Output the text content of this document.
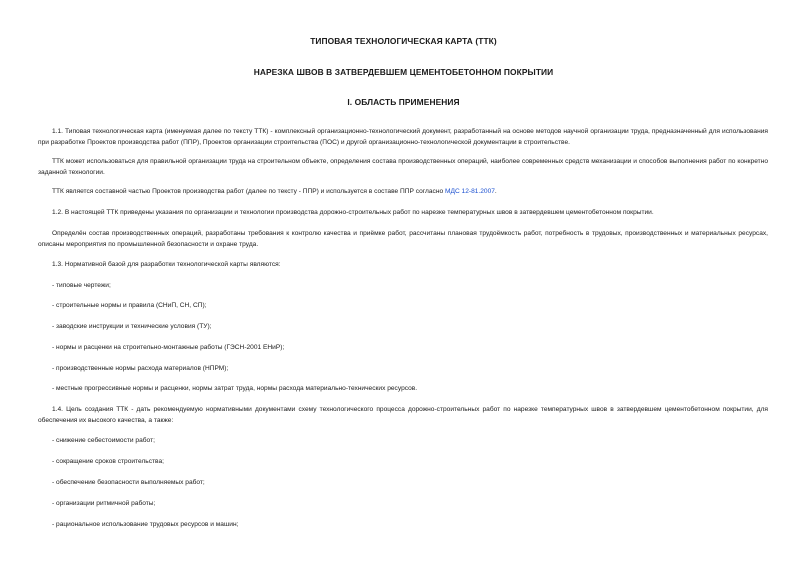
ТИПОВАЯ ТЕХНОЛОГИЧЕСКАЯ КАРТА (ТТК)
НАРЕЗКА ШВОВ В ЗАТВЕРДЕВШЕМ ЦЕМЕНТОБЕТОННОМ ПОКРЫТИИ
I. ОБЛАСТЬ ПРИМЕНЕНИЯ

1.1. Типовая технологическая карта (именуемая далее по тексту ТТК) - комплексный организационно-технологический документ, разработанный на основе методов научной организации труда, предназначенный для использования при разработке Проектов производства работ (ППР), Проектов организации строительства (ПОС) и другой организационно-технологической документации в строительстве.

ТТК может использоваться для правильной организации труда на строительном объекте, определения состава производственных операций, наиболее современных средств механизации и способов выполнения работ по конкретно заданной технологии.

ТТК является составной частью Проектов производства работ (далее по тексту - ППР) и используется в составе ППР согласно МДС 12-81.2007.

1.2. В настоящей ТТК приведены указания по организации и технологии производства дорожно-строительных работ по нарезке температурных швов в затвердевшем цементобетонном покрытии.

Определён состав производственных операций, разработаны требования к контролю качества и приёмке работ, рассчитаны плановая трудоёмкость работ, потребность в трудовых, производственных и материальных ресурсах, описаны мероприятия по промышленной безопасности и охране труда.

1.3. Нормативной базой для разработки технологической карты являются:

- типовые чертежи;
- строительные нормы и правила (СНиП, СН, СП);
- заводские инструкции и технические условия (ТУ);
- нормы и расценки на строительно-монтажные работы (ГЭСН-2001 ЕНиР);
- производственные нормы расхода материалов (НПРМ);
- местные прогрессивные нормы и расценки, нормы затрат труда, нормы расхода материально-технических ресурсов.

1.4. Цель создания ТТК - дать рекомендуемую нормативными документами схему технологического процесса дорожно-строительных работ по нарезке температурных швов в затвердевшем цементобетонном покрытии, для обеспечения их высокого качества, а также:

- снижение себестоимости работ;
- сокращение сроков строительства;
- обеспечение безопасности выполняемых работ;
- организации ритмичной работы;
- рациональное использование трудовых ресурсов и машин;
